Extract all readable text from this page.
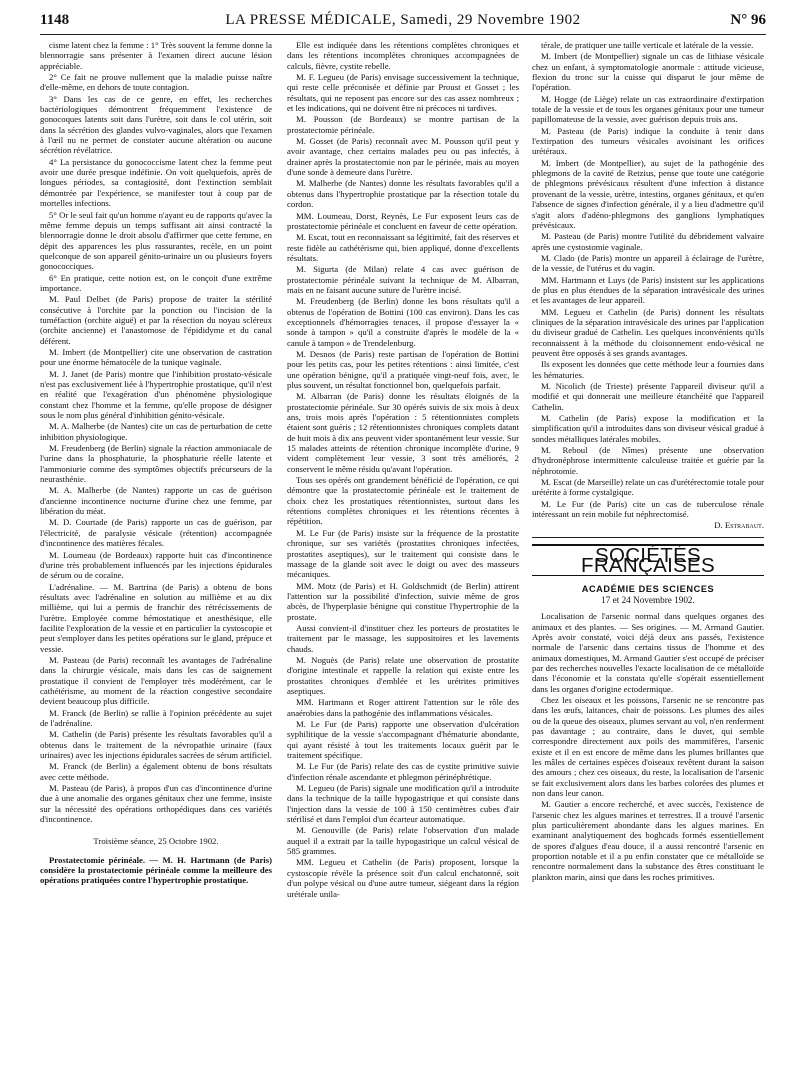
1148	LA PRESSE MÉDICALE, Samedi, 29 Novembre 1902	N° 96

cisme latent chez la femme : 1° Très souvent la femme donne la blennorragie sans présenter à l'examen direct aucune lésion appréciable.

2° Ce fait ne prouve nullement que la maladie puisse naître d'elle-même, en dehors de toute contagion.

3° Dans les cas de ce genre, en effet, les recherches bactériologiques démontrent fréquemment l'existence de gonocoques latents soit dans l'urètre, soit dans le col utérin, soit dans la sécrétion des glandes vulvo-vaginales, alors que l'examen à l'œil nu ne permet de constater aucune altération ou aucune sécrétion révélatrice.

4° La persistance du gonococcisme latent chez la femme peut avoir une durée presque indéfinie. On voit quelquefois, après de longues périodes, sa contagiosité, dont l'extinction semblait démontrée par l'expérience, se manifester tout à coup par de mortelles infections.

5° Or le seul fait qu'un homme n'ayant eu de rapports qu'avec la même femme depuis un temps suffisant ait ainsi contracté la blennorragie donne le droit absolu d'affirmer que cette femme, en dépit des apparences les plus rassurantes, recèle, en un point quelconque de son appareil génito-urinaire un ou plusieurs foyers gonococciques.

6° En pratique, cette notion est, on le conçoit d'une extrême importance.

M. Paul Delbet (de Paris) propose de traiter la stérilité consécutive à l'orchite par la ponction ou l'incision de la tuméfaction (orchite aiguë) et par la résection du noyau scléreux (orchite ancienne) et l'anastomose de l'épididyme et du canal déférent.

M. Imbert (de Montpellier) cite une observation de castration pour une énorme hématocèle de la tunique vaginale.

M. J. Janet (de Paris) montre que l'inhibition prostato-vésicale n'est pas exclusivement liée à l'hypertrophie prostatique, qu'il n'est en réalité que l'exagération d'un phénomène physiologique constant chez l'homme et la femme, qu'elle propose de désigner sous le nom plus général d'inhibition génito-vésicale.

M. A. Malherbe (de Nantes) cite un cas de perturbation de cette inhibition physiologique.

M. Freudenberg (de Berlin) signale la réaction ammoniacale de l'urine dans la phosphaturie, la phosphaturie réelle latente et l'ammoniurie comme des symptômes objectifs précurseurs de la neurasthénie.

M. A. Malherbe (de Nantes) rapporte un cas de guérison d'ancienne incontinence nocturne d'urine chez une femme, par libération du méat.

M. D. Courtade (de Paris) rapporte un cas de guérison, par l'électricité, de paralysie vésicale (rétention) accompagnée d'incontinence des matières fécales.

M. Loumeau (de Bordeaux) rapporte huit cas d'incontinence d'urine très probablement influencés par les injections épidurales de sérum ou de cocaïne.

L'adrénaline. — M. Bartrina (de Paris) a obtenu de bons résultats avec l'adrénaline en solution au millième et au dix millième, qui lui a permis de franchir des rétrécissements de l'urètre. Employée comme hémostatique et anesthésique, elle facilite l'exploration de la vessie et en particulier la cystoscopie et peut s'employer dans les petites opérations sur le gland, prépuce et vessie.

M. Pasteau (de Paris) reconnaît les avantages de l'adrénaline dans la chirurgie vésicale, mais dans les cas de saignement prostatique il convient de l'employer très modérément, car le cathétérisme, au moment de la réaction congestive secondaire devient beaucoup plus difficile.

M. Franck (de Berlin) se rallie à l'opinion précédente au sujet de l'adrénaline.

M. Cathelin (de Paris) présente les résultats favorables qu'il a obtenus dans le traitement de la névropathie urinaire (faux urinaires) avec les injections épidurales sacrées de sérum artificiel.

M. Franck (de Berlin) a également obtenu de bons résultats avec cette méthode.

M. Pasteau (de Paris), à propos d'un cas d'incontinence d'urine due à une anomalie des organes génitaux chez une femme, insiste sur la nécessité des opérations orthopédiques dans ces variétés d'incontinence.

Troisième séance, 25 Octobre 1902.

Prostatectomie périnéale. — M. H. Hartmann (de Paris) considère la prostatectomie périnéale comme la meilleure des opérations pratiquées contre l'hypertrophie prostatique.

Elle est indiquée dans les rétentions complètes chroniques et dans les rétentions incomplètes chroniques accompagnées de calculs, fièvre, cystite rebelle.

M. F. Legueu (de Paris) envisage successivement la technique, qui reste celle préconisée et définie par Proust et Gosset ; les résultats, qui ne reposent pas encore sur des cas assez nombreux ; et les indications, qui ne doivent être ni précoces ni tardives.

M. Pousson (de Bordeaux) se montre partisan de la prostatectomie périnéale.

M. Gosset (de Paris) reconnaît avec M. Pousson qu'il peut y avoir avantage, chez certains malades peu ou pas infectés, à drainer après la prostatectomie non par le périnée, mais au moyen d'une sonde à demeure dans l'urètre.

M. Malherbe (de Nantes) donne les résultats favorables qu'il a obtenus dans l'hypertrophie prostatique par la résection totale du cordon.

MM. Loumeau, Dorst, Reynès, Le Fur exposent leurs cas de prostatectomie périnéale et concluent en faveur de cette opération.

M. Escat, tout en reconnaissant sa légitimité, fait des réserves et reste fidèle au cathétérisme qui, bien appliqué, donne d'excellents résultats.

M. Sigurta (de Milan) relate 4 cas avec guérison de prostatectomie périnéale suivant la technique de M. Albarran, mais en ne faisant aucune suture de l'urètre incisé.

M. Freudenberg (de Berlin) donne les bons résultats qu'il a obtenus de l'opération de Bottini (100 cas environ). Dans les cas exceptionnels d'hémorragies tenaces, il propose d'essayer la « sonde à tampon » qu'il a construite d'après le modèle de la « canule à tampon » de Trendelenburg.

M. Desnos (de Paris) reste partisan de l'opération de Bottini pour les petits cas, pour les petites rétentions : ainsi limitée, c'est une opération bénigne, qu'il a pratiquée vingt-neuf fois, avec, le plus souvent, un résultat fonctionnel bon, quelquefois parfait.

M. Albarran (de Paris) donne les résultats éloignés de la prostatectomie périnéale. Sur 30 opérés suivis de six mois à deux ans, trois mois après l'opération : 5 rétentionnistes complets étaient sont guéris ; 12 rétentionnistes chroniques complets datant de huit mois à dix ans peuvent vider spontanément leur vessie. Sur 15 malades atteints de rétention chronique incomplète d'urine, 9 vident complètement leur vessie, 3 sont très améliorés, 2 conservent le même résidu qu'avant l'opération.

Tous ses opérés ont grandement bénéficié de l'opération, ce qui démontre que la prostatectomie périnéale est le traitement de choix chez les prostatiques rétentionnistes, surtout dans les rétentions complètes chroniques et les rétentions récentes à répétition.

M. Le Fur (de Paris) insiste sur la fréquence de la prostatite chronique, sur ses variétés (prostatites chroniques infectées, prostatites aseptiques), sur le traitement qui consiste dans le massage de la glande soit avec le doigt ou avec des masseurs mécaniques.

MM. Motz (de Paris) et H. Goldschmidt (de Berlin) attirent l'attention sur la possibilité d'infection, suivie même de gros abcès, de l'hyperplasie bénigne qui constitue l'hypertrophie de la prostate.

Aussi convient-il d'instituer chez les porteurs de prostatites le traitement par le massage, les suppositoires et les lavements chauds.

M. Noguès (de Paris) relate une observation de prostatite d'origine intestinale et rappelle la relation qui existe entre les prostatites chroniques d'emblée et les urétrites primitives aseptiques.

MM. Hartmann et Roger attirent l'attention sur le rôle des anaérobies dans la pathogénie des inflammations vésicales.

M. Le Fur (de Paris) rapporte une observation d'ulcération syphilitique de la vessie s'accompagnant d'hématurie abondante, qui ayant résisté à tout les traitements locaux guérit par le traitement spécifique.

M. Le Fur (de Paris) relate des cas de cystite primitive suivie d'infection rénale ascendante et phlegmon périnéphrétique.

M. Legueu (de Paris) signale une modification qu'il a introduite dans la technique de la taille hypogastrique et qui consiste dans l'injection dans la vessie de 100 à 150 centimètres cubes d'air stérilisé et dans l'emploi d'un écarteur automatique.

M. Genouville (de Paris) relate l'observation d'un malade auquel il a extrait par la taille hypogastrique un calcul vésical de 585 grammes.

MM. Legueu et Cathelin (de Paris) proposent, lorsque la cystoscopie révèle la présence soit d'un calcul enchatonné, soit d'un polype vésical ou d'une autre tumeur, siégeant dans la région urétérale unila-

térale, de pratiquer une taille verticale et latérale de la vessie.

M. Imbert (de Montpellier) signale un cas de lithiase vésicale chez un enfant, à symptomatologie anormale : attitude vicieuse, flexion du tronc sur la cuisse qui disparut le jour même de l'opération.

M. Hogge (de Liège) relate un cas extraordinaire d'extirpation totale de la vessie et de tous les organes génitaux pour une tumeur papillomateuse de la vessie, avec guérison depuis trois ans.

M. Pasteau (de Paris) indique la conduite à tenir dans l'extirpation des tumeurs vésicales avoisinant les orifices urétéraux.

M. Imbert (de Montpellier), au sujet de la pathogénie des phlegmons de la cavité de Retzius, pense que toute une catégorie de phlegmons prévésicaux résultent d'une infection à distance provenant de la vessie, urètre, intestins, organes génitaux, et qu'en l'absence de signes d'infection générale, il y a lieu d'admettre qu'il s'agit alors d'adéno-phlegmons des ganglions lymphatiques prévésicaux.

M. Pasteau (de Paris) montre l'utilité du débridement valvaire après une cystostomie vaginale.

M. Clado (de Paris) montre un appareil à éclairage de l'urètre, de la vessie, de l'utérus et du vagin.

MM. Hartmann et Luys (de Paris) insistent sur les applications de plus en plus étendues de la séparation intravésicale des urines et les avantages de leur appareil.

MM. Legueu et Cathelin (de Paris) donnent les résultats cliniques de la séparation intravésicale des urines par l'application du diviseur gradué de Cathelin. Les quelques inconvénients qu'ils reconnaissent à la méthode du cloisonnement endo-vésical ne peuvent être opposés à ses grands avantages.

Ils exposent les données que cette méthode leur a fournies dans les hématuries.

M. Nicolich (de Trieste) présente l'appareil diviseur qu'il a modifié et qui donnerait une meilleure étanchéité que l'appareil Cathelin.

M. Cathelin (de Paris) expose la modification et la simplification qu'il a introduites dans son diviseur vésical gradué à sondes métalliques latérales mobiles.

M. Reboul (de Nîmes) présente une observation d'hydronéphrose intermittente calculeuse traitée et guérie par la néphrotomie.

M. Escat (de Marseille) relate un cas d'urétérectomie totale pour urétérite à forme cystalgique.

M. Le Fur (de Paris) cite un cas de tuberculose rénale intéressant un rein mobile fut néphrectomisé.

D. Estrabaut.

SOCIÉTÉS FRANÇAISES
ACADÉMIE DES SCIENCES
17 et 24 Novembre 1902.

Localisation de l'arsenic normal dans quelques organes des animaux et des plantes. — Ses origines. — M. Armand Gautier. Après avoir constaté, voici déjà deux ans passés, l'existence normale de l'arsenic dans certains tissus de l'homme et des animaux domestiques, M. Armand Gautier s'est occupé de préciser par des recherches nouvelles l'exacte localisation de ce métalloïde dans l'économie et la constata qu'elle s'opérait essentiellement dans les organes d'origine ectodermique.

Chez les oiseaux et les poissons, l'arsenic ne se rencontre pas dans les œufs, laitances, chair de poissons. Les plumes des ailes ou de la queue des oiseaux, plumes servant au vol, n'en renferment pas davantage ; au contraire, dans le duvet, qui semble correspondre directement aux poils des mammifères, l'arsenic existe et il en est encore de même dans les plumes brillantes que les mâles de certaines espèces d'oiseaux revêtent durant la saison des amours ; chez ces oiseaux, du reste, la localisation de l'arsenic se fait exclusivement alors dans les barbes colorées des plumes et non dans leur canon.

M. Gautier a encore recherché, et avec succès, l'existence de l'arsenic chez les algues marines et terrestres. Il a trouvé l'arsenic plus particulièrement abondante dans les algues marines. En examinant analytiquement des boghcads formés essentiellement de spores d'algues d'eau douce, il a aussi rencontré l'arsenic en proportion notable et il a pu enfin constater que ce métalloïde se rencontre normalement dans la substance des êtres constituant le plankton marin, ainsi que dans les roches primitives.
